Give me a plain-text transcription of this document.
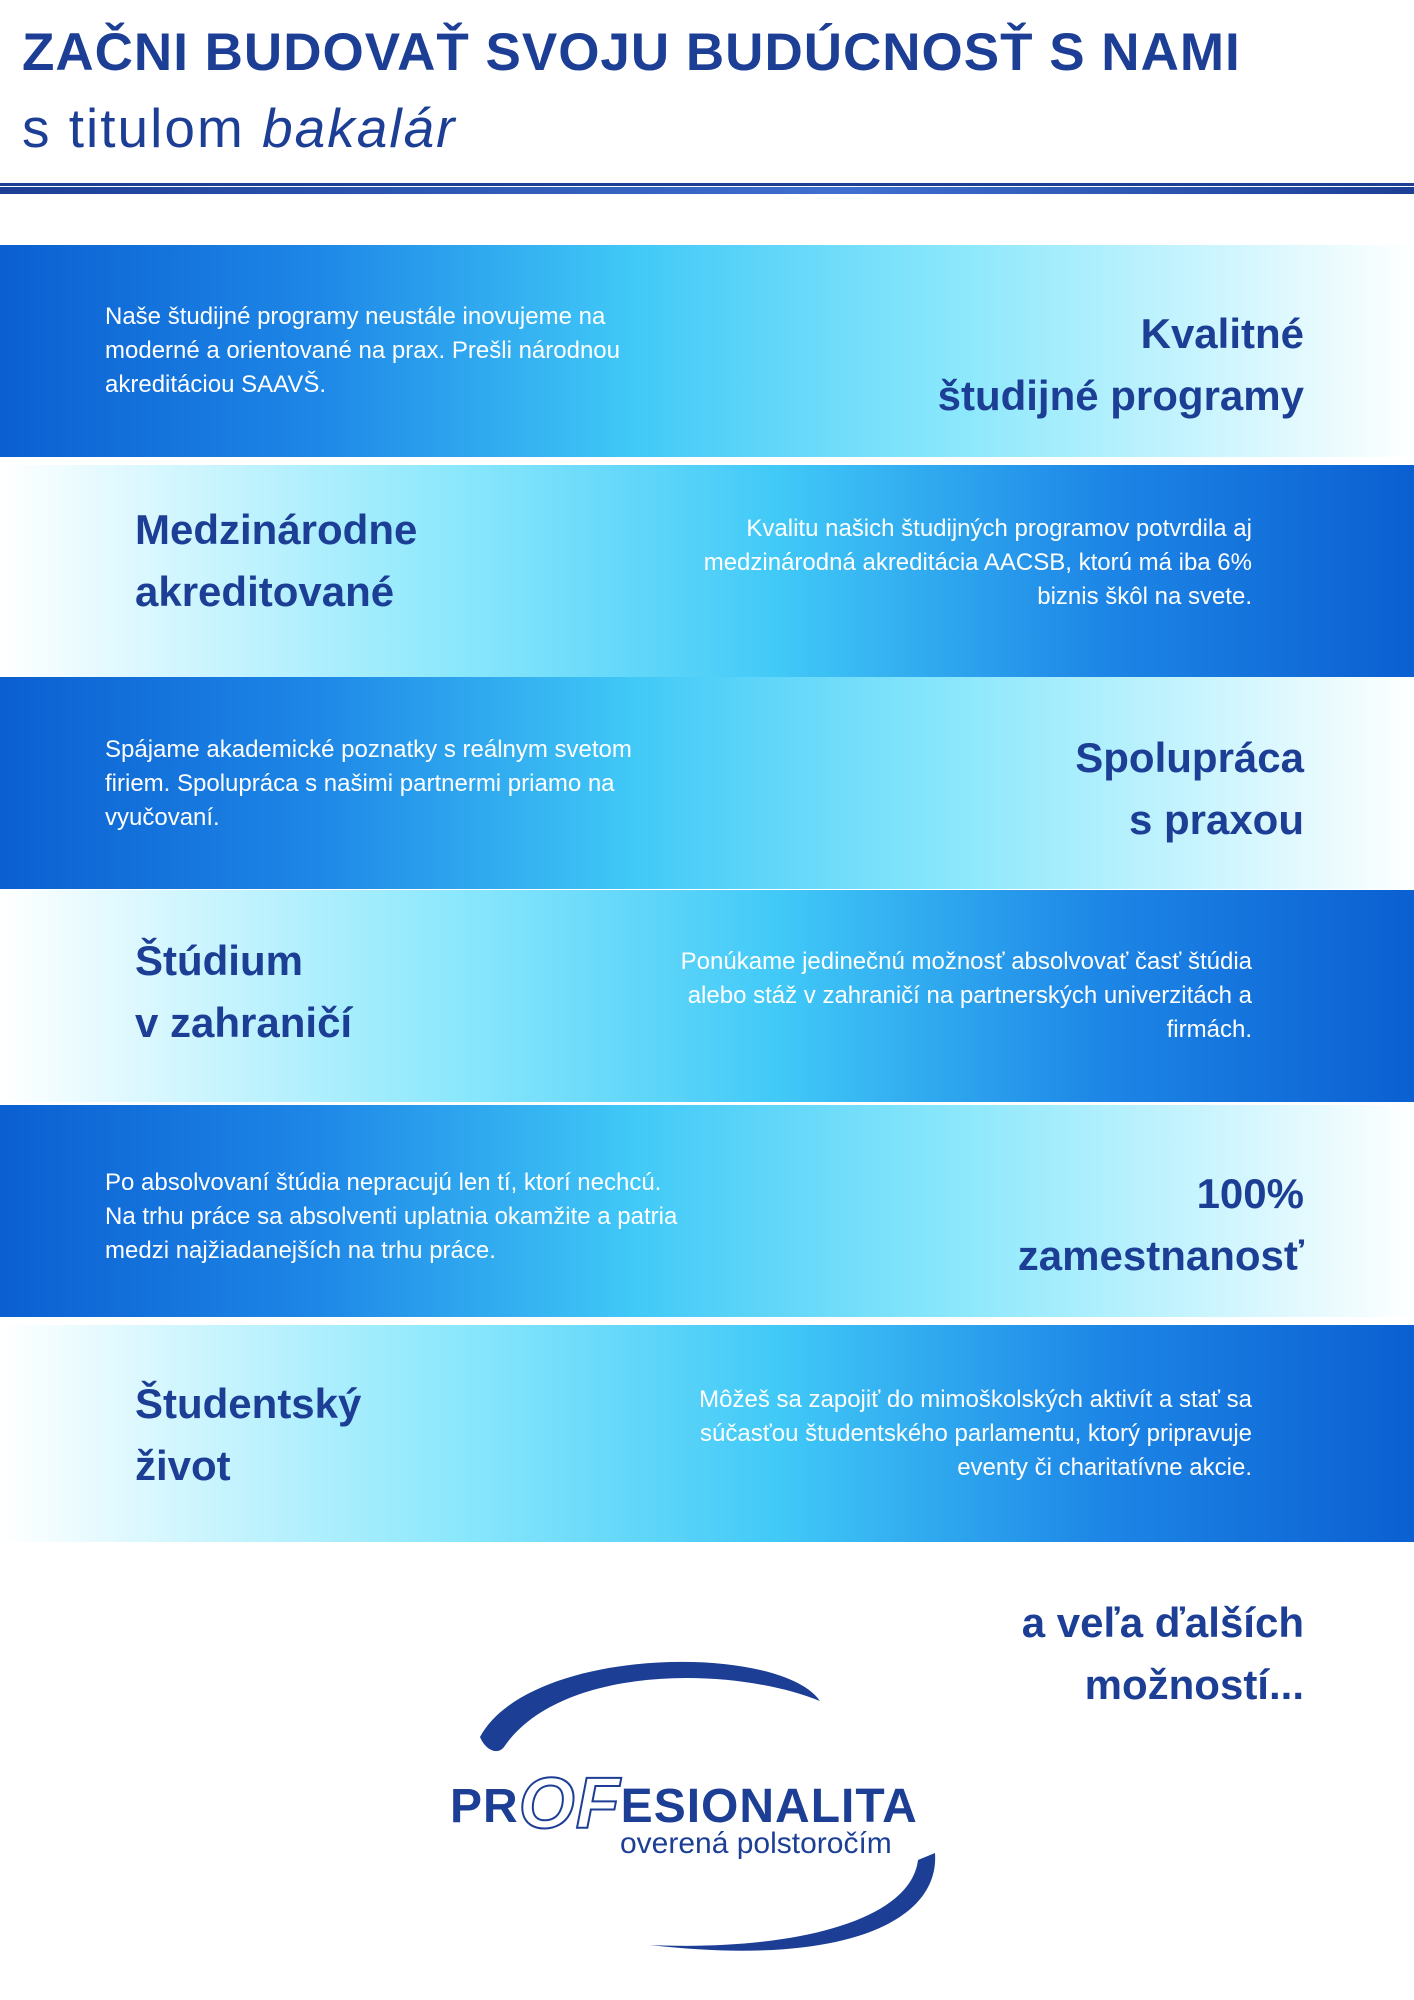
ZAČNI BUDOVAŤ SVOJU BUDÚCNOSŤ S NAMI

s titulom bakalár

Naše študijné programy neustále inovujeme na moderné a orientované na prax. Prešli národnou akreditáciou SAAVŠ.

Kvalitné
študijné programy

Kvalitu našich študijných programov potvrdila aj medzinárodná akreditácia AACSB, ktorú má iba 6% biznis škôl na svete.

Medzinárodne
akreditované

Spájame akademické poznatky s reálnym svetom firiem. Spolupráca s našimi partnermi priamo na vyučovaní.

Spolupráca
s praxou

Ponúkame jedinečnú možnosť absolvovať časť štúdia alebo stáž v zahraničí na partnerských univerzitách a firmách.

Štúdium
v zahraničí

Po absolvovaní štúdia nepracujú len tí, ktorí nechcú. Na trhu práce sa absolventi uplatnia okamžite a patria medzi najžiadanejších na trhu práce.

100%
zamestnanosť

Môžeš sa zapojiť do mimoškolských aktivít a stať sa súčasťou študentského parlamentu, ktorý pripravuje eventy či charitatívne akcie.

Študentský
život

a veľa ďalších
možností...

PROFESIONALITA

overená polstoročím
